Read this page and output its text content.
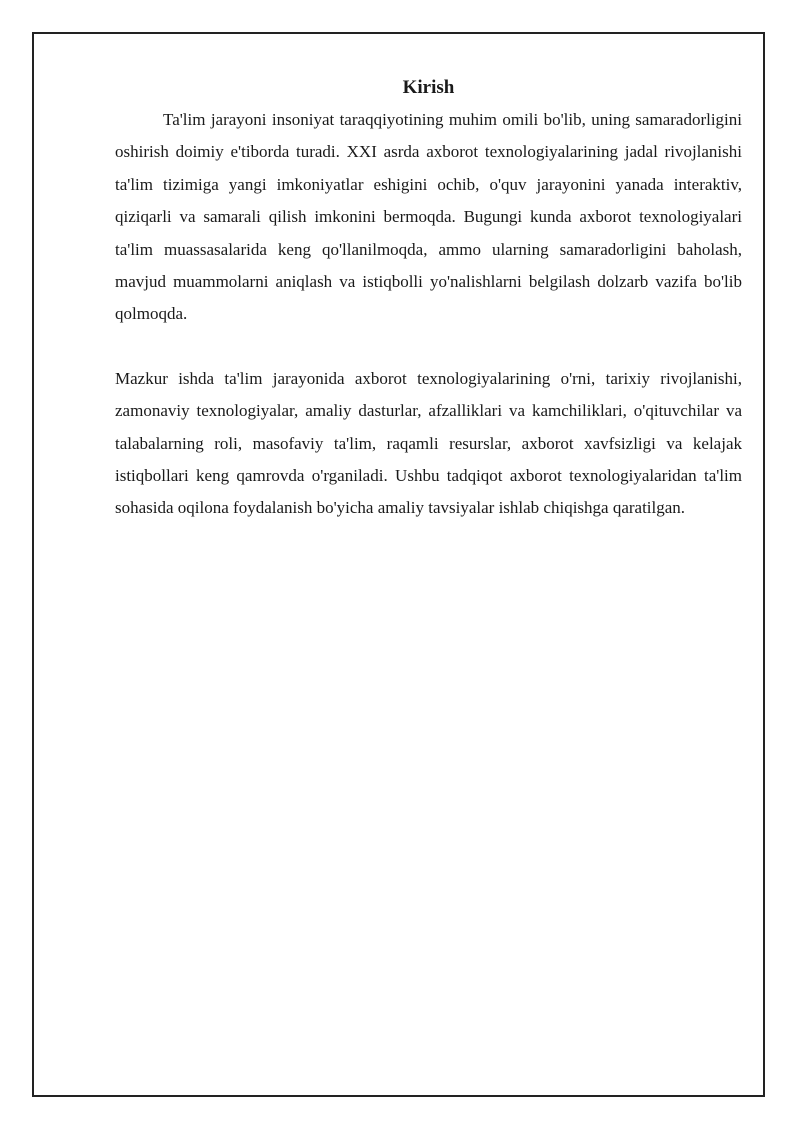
Kirish

Ta'lim jarayoni insoniyat taraqqiyotining muhim omili bo'lib, uning samaradorligini oshirish doimiy e'tiborda turadi. XXI asrda axborot texnologiyalarining jadal rivojlanishi ta'lim tizimiga yangi imkoniyatlar eshigini ochib, o'quv jarayonini yanada interaktiv, qiziqarli va samarali qilish imkonini bermoqda. Bugungi kunda axborot texnologiyalari ta'lim muassasalarida keng qo'llanilmoqda, ammo ularning samaradorligini baholash, mavjud muammolarni aniqlash va istiqbolli yo'nalishlarni belgilash dolzarb vazifa bo'lib qolmoqda.

Mazkur ishda ta'lim jarayonida axborot texnologiyalarining o'rni, tarixiy rivojlanishi, zamonaviy texnologiyalar, amaliy dasturlar, afzalliklari va kamchiliklari, o'qituvchilar va talabalarning roli, masofaviy ta'lim, raqamli resurslar, axborot xavfsizligi va kelajak istiqbollari keng qamrovda o'rganiladi. Ushbu tadqiqot axborot texnologiyalaridan ta'lim sohasida oqilona foydalanish bo'yicha amaliy tavsiyalar ishlab chiqishga qaratilgan.
